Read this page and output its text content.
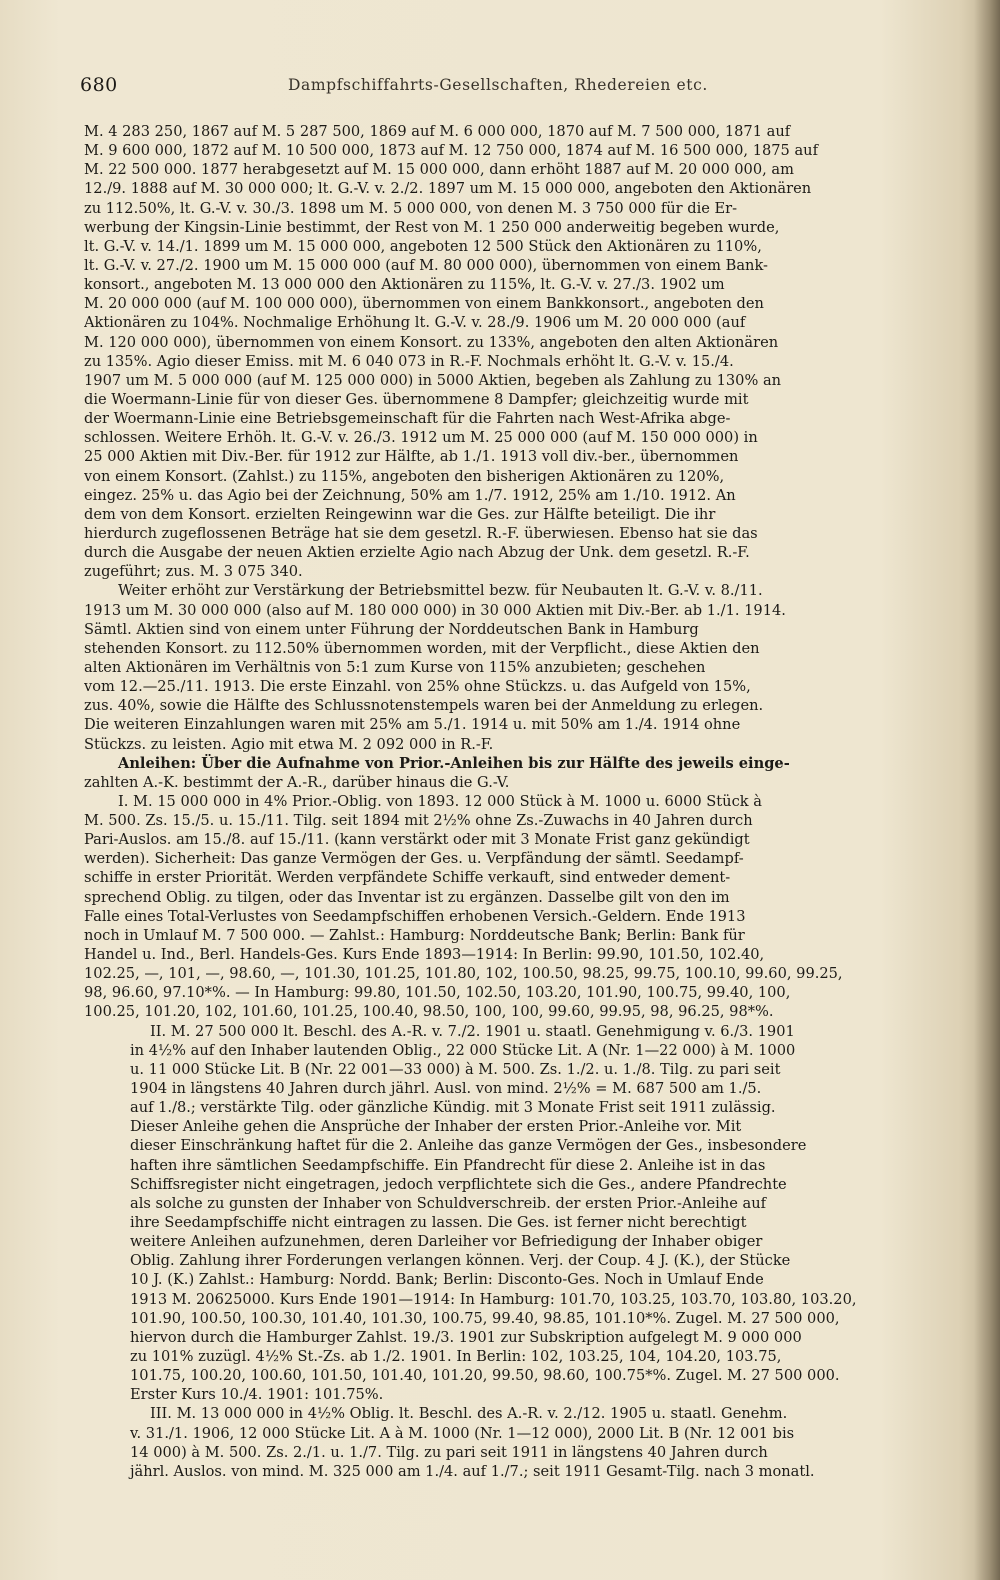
680	Dampfschiffahrts-Gesellschaften, Rhedereien etc.
M. 4 283 250, 1867 auf M. 5 287 500, 1869 auf M. 6 000 000, 1870 auf M. 7 500 000, 1871 auf
M. 9 600 000, 1872 auf M. 10 500 000, 1873 auf M. 12 750 000, 1874 auf M. 16 500 000, 1875 auf
M. 22 500 000. 1877 herabgesetzt auf M. 15 000 000, dann erhöht 1887 auf M. 20 000 000, am
12./9. 1888 auf M. 30 000 000; lt. G.-V. v. 2./2. 1897 um M. 15 000 000, angeboten den Aktionären
zu 112.50%, lt. G.-V. v. 30./3. 1898 um M. 5 000 000, von denen M. 3 750 000 für die Er-
werbung der Kingsin-Linie bestimmt, der Rest von M. 1 250 000 anderweitig begeben wurde,
lt. G.-V. v. 14./1. 1899 um M. 15 000 000, angeboten 12 500 Stück den Aktionären zu 110%,
lt. G.-V. v. 27./2. 1900 um M. 15 000 000 (auf M. 80 000 000), übernommen von einem Bank-
konsort., angeboten M. 13 000 000 den Aktionären zu 115%, lt. G.-V. v. 27./3. 1902 um
M. 20 000 000 (auf M. 100 000 000), übernommen von einem Bankkonsort., angeboten den
Aktionären zu 104%. Nochmalige Erhöhung lt. G.-V. v. 28./9. 1906 um M. 20 000 000 (auf
M. 120 000 000), übernommen von einem Konsort. zu 133%, angeboten den alten Aktionären
zu 135%. Agio dieser Emiss. mit M. 6 040 073 in R.-F. Nochmals erhöht lt. G.-V. v. 15./4.
1907 um M. 5 000 000 (auf M. 125 000 000) in 5000 Aktien, begeben als Zahlung zu 130% an
die Woermann-Linie für von dieser Ges. übernommene 8 Dampfer; gleichzeitig wurde mit
der Woermann-Linie eine Betriebsgemeinschaft für die Fahrten nach West-Afrika abge-
schlossen. Weitere Erhöh. lt. G.-V. v. 26./3. 1912 um M. 25 000 000 (auf M. 150 000 000) in
25 000 Aktien mit Div.-Ber. für 1912 zur Hälfte, ab 1./1. 1913 voll div.-ber., übernommen
von einem Konsort. (Zahlst.) zu 115%, angeboten den bisherigen Aktionären zu 120%,
eingez. 25% u. das Agio bei der Zeichnung, 50% am 1./7. 1912, 25% am 1./10. 1912. An
dem von dem Konsort. erzielten Reingewinn war die Ges. zur Hälfte beteiligt. Die ihr
hierdurch zugeflossenen Beträge hat sie dem gesetzl. R.-F. überwiesen. Ebenso hat sie das
durch die Ausgabe der neuen Aktien erzielte Agio nach Abzug der Unk. dem gesetzl. R.-F.
zugeführt; zus. M. 3 075 340.
Weiter erhöht zur Verstärkung der Betriebsmittel bezw. für Neubauten lt. G.-V. v. 8./11.
1913 um M. 30 000 000 (also auf M. 180 000 000) in 30 000 Aktien mit Div.-Ber. ab 1./1. 1914.
Sämtl. Aktien sind von einem unter Führung der Norddeutschen Bank in Hamburg
stehenden Konsort. zu 112.50% übernommen worden, mit der Verpflicht., diese Aktien den
alten Aktionären im Verhältnis von 5:1 zum Kurse von 115% anzubieten; geschehen
vom 12.—25./11. 1913. Die erste Einzahl. von 25% ohne Stückzs. u. das Aufgeld von 15%,
zus. 40%, sowie die Hälfte des Schlussnotenstempels waren bei der Anmeldung zu erlegen.
Die weiteren Einzahlungen waren mit 25% am 5./1. 1914 u. mit 50% am 1./4. 1914 ohne
Stückzs. zu leisten. Agio mit etwa M. 2 092 000 in R.-F.
Anleihen: Über die Aufnahme von Prior.-Anleihen bis zur Hälfte des jeweils einge-
zahlten A.-K. bestimmt der A.-R., darüber hinaus die G.-V.
I. M. 15 000 000 in 4% Prior.-Oblig. von 1893. 12 000 Stück à M. 1000 u. 6000 Stück à
M. 500. Zs. 15./5. u. 15./11. Tilg. seit 1894 mit 2½% ohne Zs.-Zuwachs in 40 Jahren durch
Pari-Auslos. am 15./8. auf 15./11. (kann verstärkt oder mit 3 Monate Frist ganz gekündigt
werden). Sicherheit: Das ganze Vermögen der Ges. u. Verpfändung der sämtl. Seedampf-
schiffe in erster Priorität. Werden verpfändete Schiffe verkauft, sind entweder dement-
sprechend Oblig. zu tilgen, oder das Inventar ist zu ergänzen. Dasselbe gilt von den im
Falle eines Total-Verlustes von Seedampfschiffen erhobenen Versich.-Geldern. Ende 1913
noch in Umlauf M. 7 500 000. — Zahlst.: Hamburg: Norddeutsche Bank; Berlin: Bank für
Handel u. Ind., Berl. Handels-Ges. Kurs Ende 1893—1914: In Berlin: 99.90, 101.50, 102.40,
102.25, —, 101, —, 98.60, —, 101.30, 101.25, 101.80, 102, 100.50, 98.25, 99.75, 100.10, 99.60, 99.25,
98, 96.60, 97.10*%. — In Hamburg: 99.80, 101.50, 102.50, 103.20, 101.90, 100.75, 99.40, 100,
100.25, 101.20, 102, 101.60, 101.25, 100.40, 98.50, 100, 100, 99.60, 99.95, 98, 96.25, 98*%.
II. M. 27 500 000 lt. Beschl. des A.-R. v. 7./2. 1901 u. staatl. Genehmigung v. 6./3. 1901
in 4½% auf den Inhaber lautenden Oblig., 22 000 Stücke Lit. A (Nr. 1—22 000) à M. 1000
u. 11 000 Stücke Lit. B (Nr. 22 001—33 000) à M. 500. Zs. 1./2. u. 1./8. Tilg. zu pari seit
1904 in längstens 40 Jahren durch jährl. Ausl. von mind. 2½% = M. 687 500 am 1./5.
auf 1./8.; verstärkte Tilg. oder gänzliche Kündig. mit 3 Monate Frist seit 1911 zulässig.
Dieser Anleihe gehen die Ansprüche der Inhaber der ersten Prior.-Anleihe vor. Mit
dieser Einschränkung haftet für die 2. Anleihe das ganze Vermögen der Ges., insbesondere
haften ihre sämtlichen Seedampfschiffe. Ein Pfandrecht für diese 2. Anleihe ist in das
Schiffsregister nicht eingetragen, jedoch verpflichtete sich die Ges., andere Pfandrechte
als solche zu gunsten der Inhaber von Schuldverschreib. der ersten Prior.-Anleihe auf
ihre Seedampfschiffe nicht eintragen zu lassen. Die Ges. ist ferner nicht berechtigt
weitere Anleihen aufzunehmen, deren Darleiher vor Befriedigung der Inhaber obiger
Oblig. Zahlung ihrer Forderungen verlangen können. Verj. der Coup. 4 J. (K.), der Stücke
10 J. (K.) Zahlst.: Hamburg: Nordd. Bank; Berlin: Disconto-Ges. Noch in Umlauf Ende
1913 M. 20625000. Kurs Ende 1901—1914: In Hamburg: 101.70, 103.25, 103.70, 103.80, 103.20,
101.90, 100.50, 100.30, 101.40, 101.30, 100.75, 99.40, 98.85, 101.10*%. Zugel. M. 27 500 000,
hiervon durch die Hamburger Zahlst. 19./3. 1901 zur Subskription aufgelegt M. 9 000 000
zu 101% zuzügl. 4½% St.-Zs. ab 1./2. 1901. In Berlin: 102, 103.25, 104, 104.20, 103.75,
101.75, 100.20, 100.60, 101.50, 101.40, 101.20, 99.50, 98.60, 100.75*%. Zugel. M. 27 500 000.
Erster Kurs 10./4. 1901: 101.75%.
III. M. 13 000 000 in 4½% Oblig. lt. Beschl. des A.-R. v. 2./12. 1905 u. staatl. Genehm.
v. 31./1. 1906, 12 000 Stücke Lit. A à M. 1000 (Nr. 1—12 000), 2000 Lit. B (Nr. 12 001 bis
14 000) à M. 500. Zs. 2./1. u. 1./7. Tilg. zu pari seit 1911 in längstens 40 Jahren durch
jährl. Auslos. von mind. M. 325 000 am 1./4. auf 1./7.; seit 1911 Gesamt-Tilg. nach 3 monatl.
